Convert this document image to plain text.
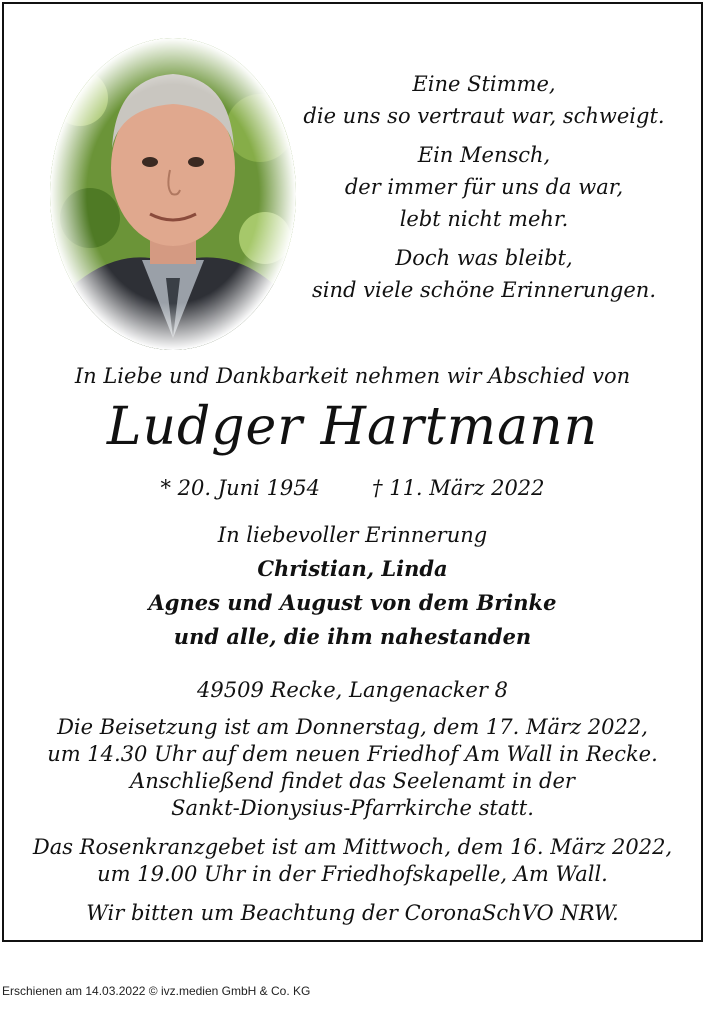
Eine Stimme,
die uns so vertraut war, schweigt.

Ein Mensch,
der immer für uns da war,
lebt nicht mehr.

Doch was bleibt,
sind viele schöne Erinnerungen.

In Liebe und Dankbarkeit nehmen wir Abschied von
Ludger Hartmann
* 20. Juni 1954 † 11. März 2022
In liebevoller Erinnerung
Christian, Linda
Agnes und August von dem Brinke
und alle, die ihm nahestanden
49509 Recke, Langenacker 8

Die Beisetzung ist am Donnerstag, dem 17. März 2022,
um 14.30 Uhr auf dem neuen Friedhof Am Wall in Recke.
Anschließend findet das Seelenamt in der
Sankt-Dionysius-Pfarrkirche statt.

Das Rosenkranzgebet ist am Mittwoch, dem 16. März 2022,
um 19.00 Uhr in der Friedhofskapelle, Am Wall.

Wir bitten um Beachtung der CoronaSchVO NRW.

Erschienen am 14.03.2022 © ivz.medien GmbH & Co. KG
